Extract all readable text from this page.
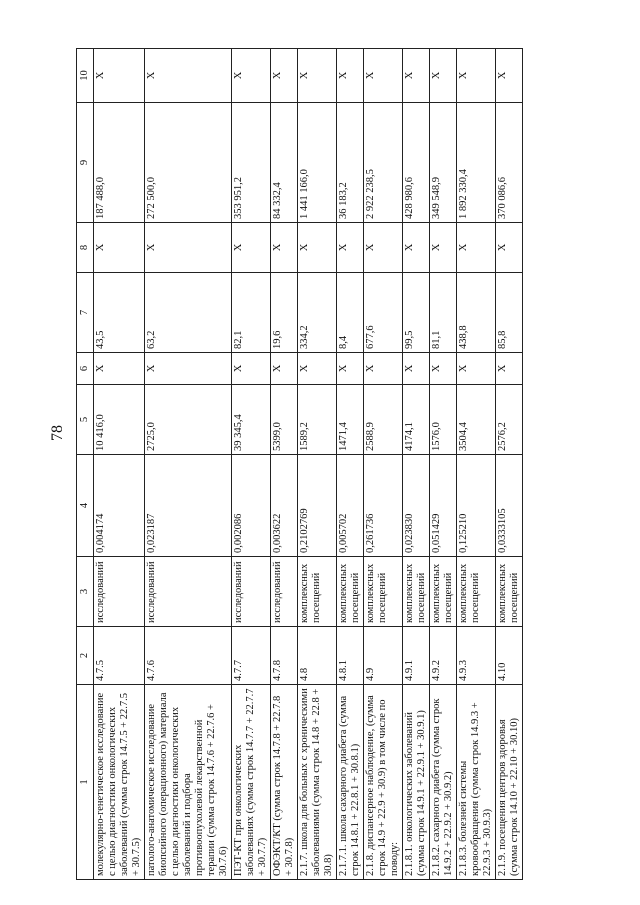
78
1	2	3	4	5	6	7	8	9	10
молекулярно-генетическое исследование с целью диагностики онкологических заболеваний (сумма строк 14.7.5 + 22.7.5 + 30.7.5)	4.7.5	исследований	0,004174	10 416,0	X	43,5	X	187 488,0	X
патолого-анатомическое исследование биопсийного (операционного) материала с целью диагностики онкологических заболеваний и подбора противоопухолевой лекарственной терапии (сумма строк 14.7.6 + 22.7.6 + 30.7.6)	4.7.6	исследований	0,023187	2725,0	X	63,2	X	272 500,0	X
ПЭТ-КТ при онкологических заболеваниях (сумма строк 14.7.7 + 22.7.7 + 30.7.7)	4.7.7	исследований	0,002086	39 345,4	X	82,1	X	353 951,2	X
ОФЭКТ/КТ (сумма строк 14.7.8 + 22.7.8 + 30.7.8)	4.7.8	исследований	0,003622	5399,0	X	19,6	X	84 332,4	X
2.1.7. школа для больных с хроническими заболеваниями (сумма строк 14.8 + 22.8 + 30.8)	4.8	комплексных посещений	0,2102769	1589,2	X	334,2	X	1 441 166,0	X
2.1.7.1. школа сахарного диабета (сумма строк 14.8.1 + 22.8.1 + 30.8.1)	4.8.1	комплексных посещений	0,005702	1471,4	X	8,4	X	36 183,2	X
2.1.8. диспансерное наблюдение, (сумма строк 14.9 + 22.9 + 30.9) в том числе по поводу:	4.9	комплексных посещений	0,261736	2588,9	X	677,6	X	2 922 238,5	X
2.1.8.1. онкологических заболеваний (сумма строк 14.9.1 + 22.9.1 + 30.9.1)	4.9.1	комплексных посещений	0,023830	4174,1	X	99,5	X	428 980,6	X
2.1.8.2. сахарного диабета (сумма строк 14.9.2 + 22.9.2 + 30.9.2)	4.9.2	комплексных посещений	0,051429	1576,0	X	81,1	X	349 548,9	X
2.1.8.3. болезней системы кровообращения (сумма строк 14.9.3 + 22.9.3 + 30.9.3)	4.9.3	комплексных посещений	0,125210	3504,4	X	438,8	X	1 892 330,4	X
2.1.9. посещения центров здоровья (сумма строк 14.10 + 22.10 + 30.10)	4.10	комплексных посещений	0,0333105	2576,2	X	85,8	X	370 086,6	X
